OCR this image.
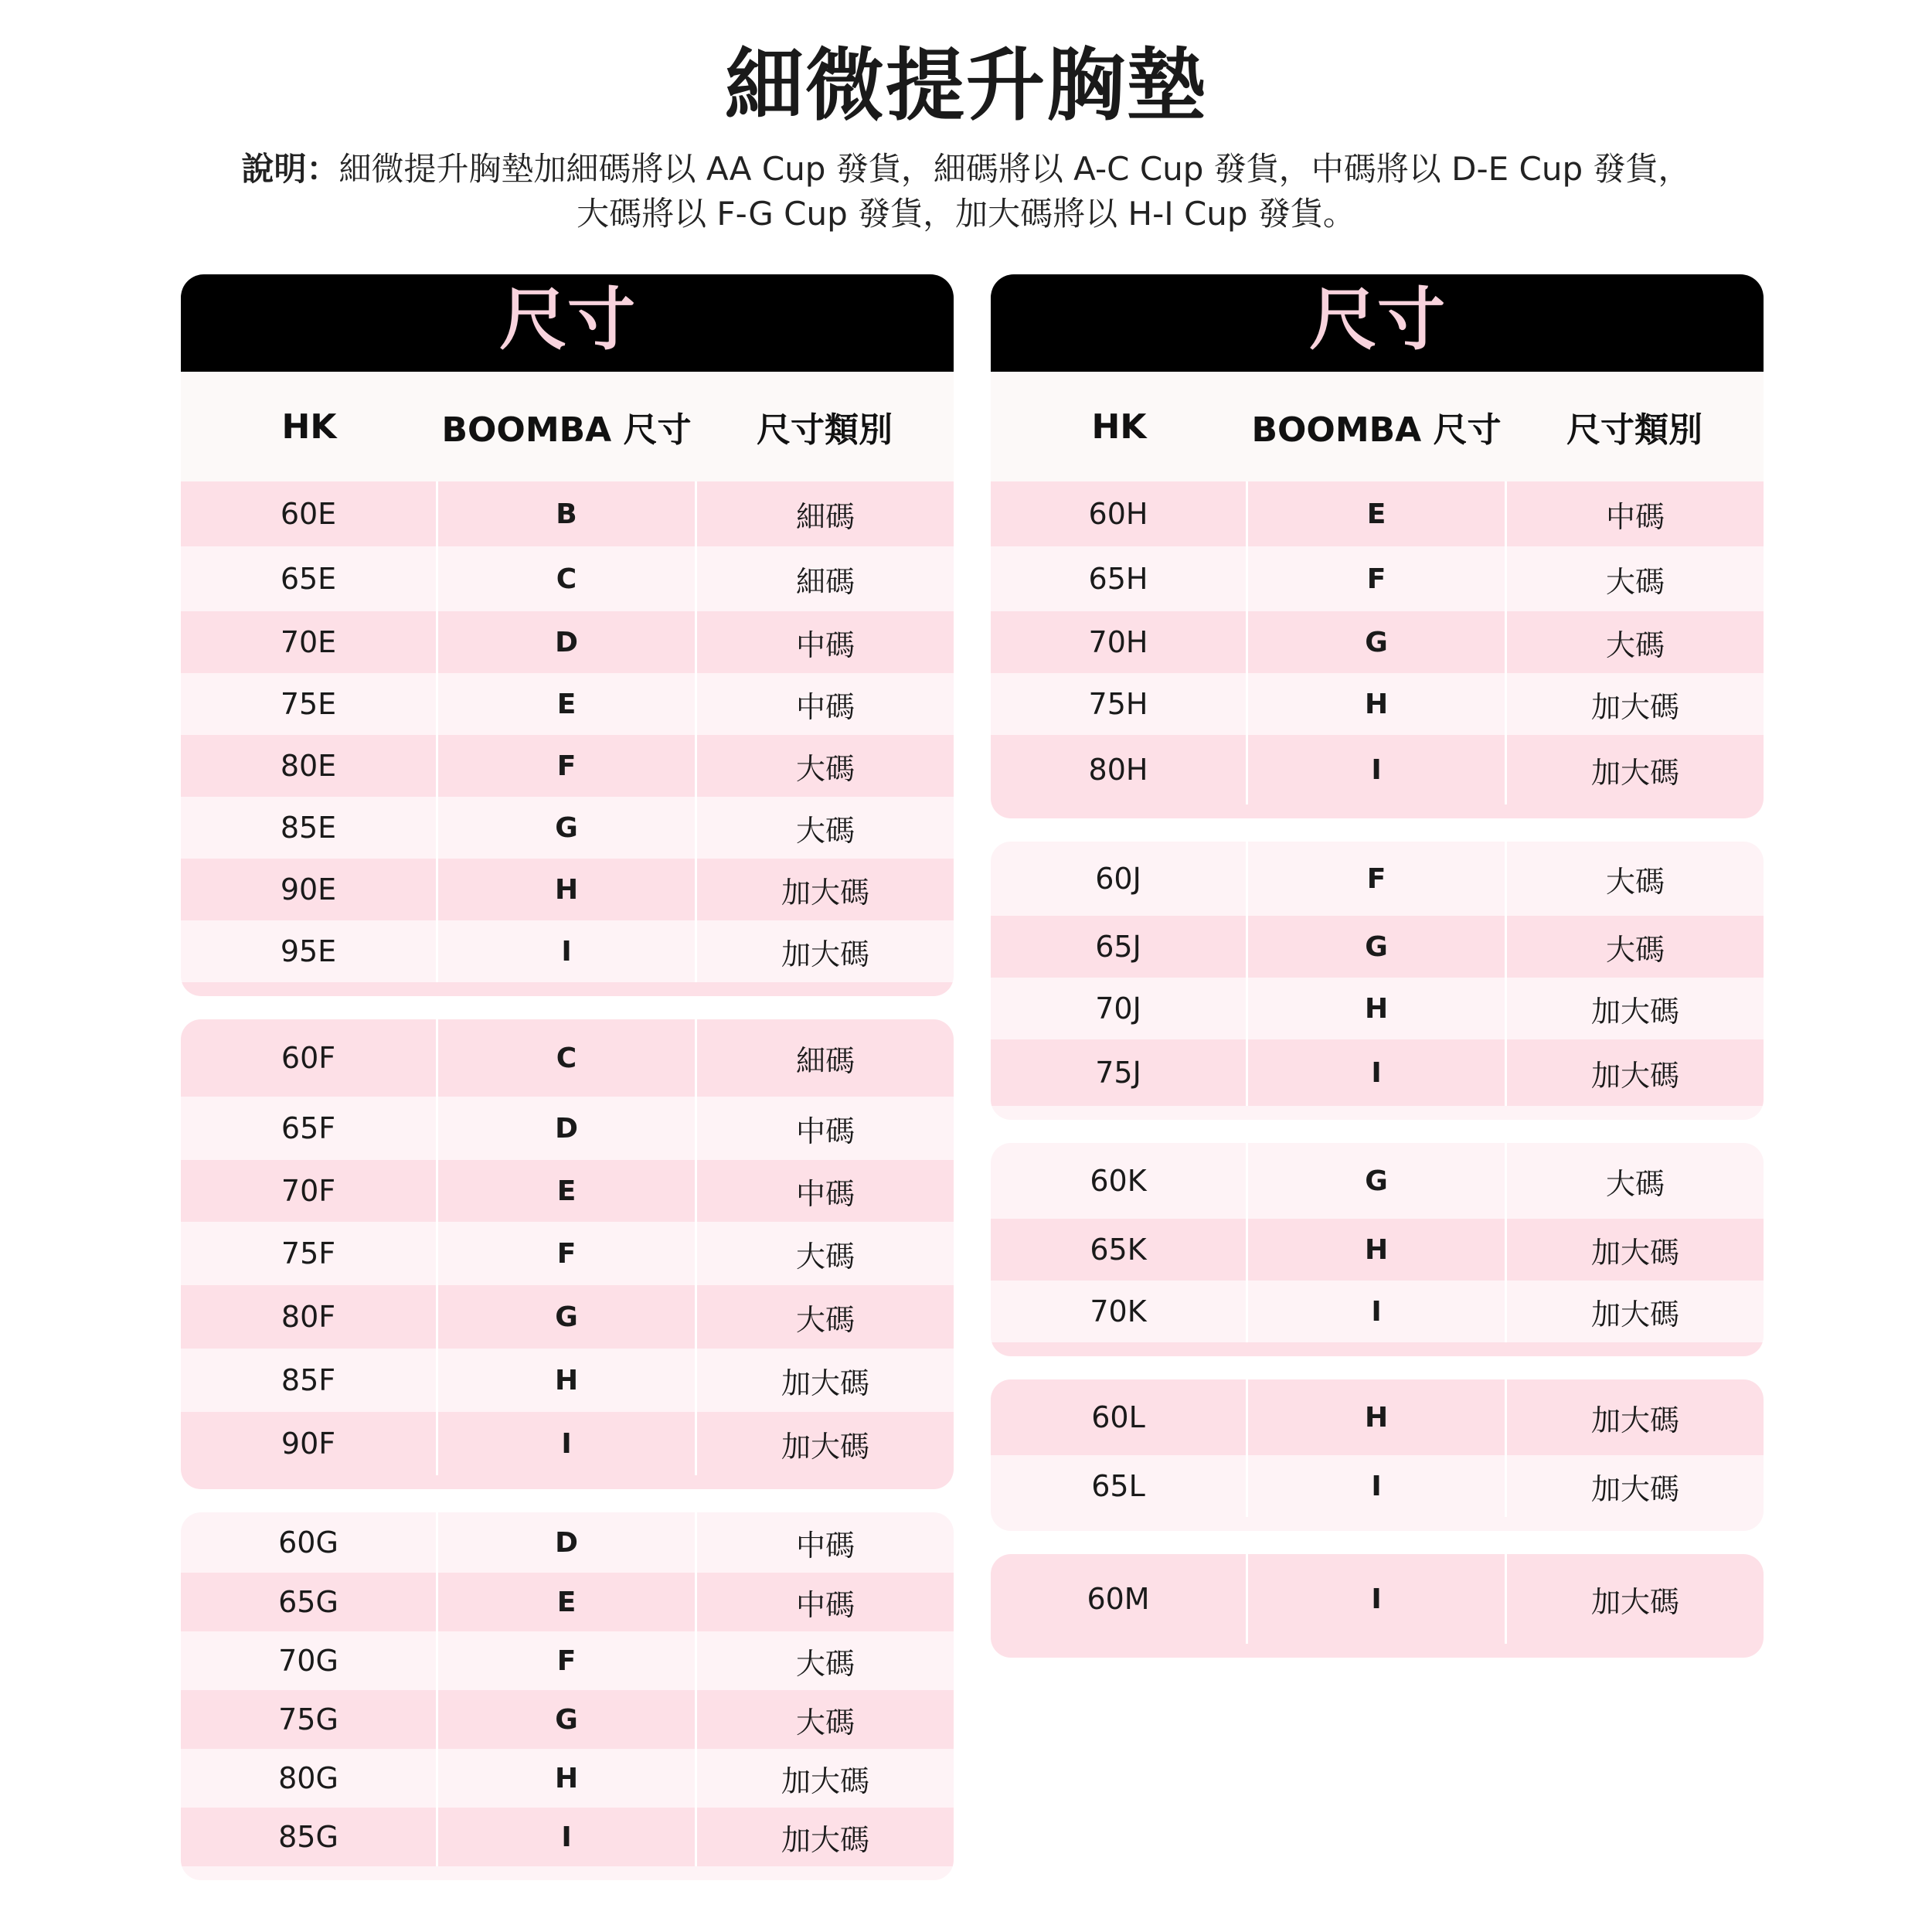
細微提升胸墊
說明：細微提升胸墊加細碼將以 AA Cup 發貨，細碼將以 A-C Cup 發貨，中碼將以 D-E Cup 發貨，
大碼將以 F-G Cup 發貨，加大碼將以 H-I Cup 發貨。
尺寸
HK	BOOMBA 尺寸	尺寸類別
60E	B	細碼
65E	C	細碼
70E	D	中碼
75E	E	中碼
80E	F	大碼
85E	G	大碼
90E	H	加大碼
95E	I	加大碼
60F	C	細碼
65F	D	中碼
70F	E	中碼
75F	F	大碼
80F	G	大碼
85F	H	加大碼
90F	I	加大碼
60G	D	中碼
65G	E	中碼
70G	F	大碼
75G	G	大碼
80G	H	加大碼
85G	I	加大碼
尺寸
HK	BOOMBA 尺寸	尺寸類別
60H	E	中碼
65H	F	大碼
70H	G	大碼
75H	H	加大碼
80H	I	加大碼
60J	F	大碼
65J	G	大碼
70J	H	加大碼
75J	I	加大碼
60K	G	大碼
65K	H	加大碼
70K	I	加大碼
60L	H	加大碼
65L	I	加大碼
60M	I	加大碼
